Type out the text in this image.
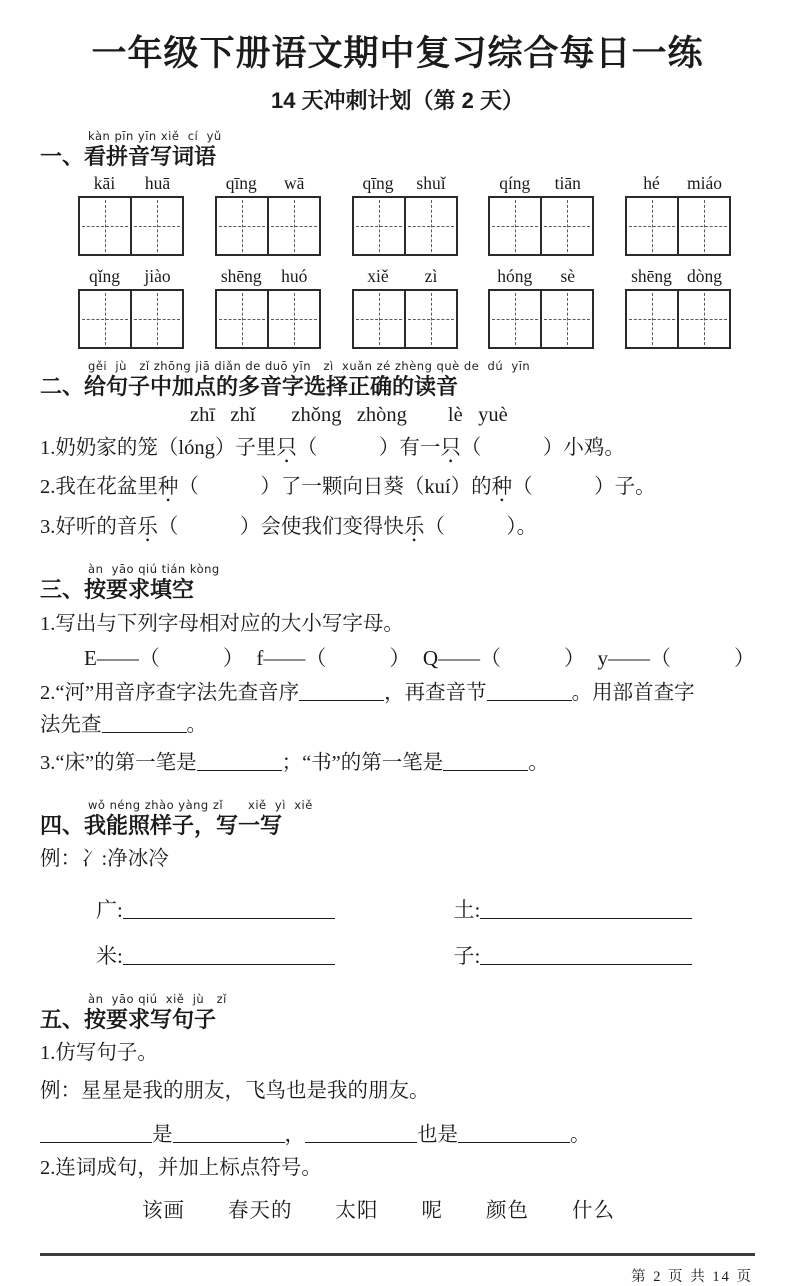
一年级下册语文期中复习综合每日一练
14 天冲刺计划（第 2 天）
一、
kàn pīn yīn xiě  cí  yǔ
看拼音写词语
kāi	huā	qīng	wā	qīng	shuǐ	qíng	tiān	hé	miáo
qǐng	jiào	shēng	huó	xiě	zì	hóng	sè	shēng dòng
二、
gěi  jù   zǐ zhōng jiā diǎn de duō yīn   zì  xuǎn zé zhèng què de  dú  yīn
给句子中加点的多音字选择正确的读音
zhī   zhǐ       zhǒng   zhòng        lè   yuè

1.奶奶家的笼（lóng）子里只（　　　）有一只（　　　）小鸡。

2.我在花盆里种（　　　）了一颗向日葵（kuí）的种（　　　）子。

3.好听的音乐（　　　）会使我们变得快乐（　　　）。

三、
àn  yāo qiú tián kòng
按要求填空

1.写出与下列字母相对应的大小写字母。

E——（　　　） f——（　　　） Q——（　　　） y——（　　　）

2.“河”用音序查字法先查音序	，再查音节	。用部首查字
法先查	。

3.“床”的第一笔是	；“书”的第一笔是	。

四、
wǒ néng zhào yàng zǐ      xiě  yì  xiě
我能照样子，写一写

例：冫:净冰冷

广:	土:
米:	子:
五、
àn  yāo qiú  xiě  jù   zǐ
按要求写句子

1.仿写句子。

例：星星是我的朋友，飞鸟也是我的朋友。

是	，	也是	。

2.连词成句，并加上标点符号。

该画　　春天的　　太阳　　呢　　颜色　　什么
第 2 页 共 14 页
